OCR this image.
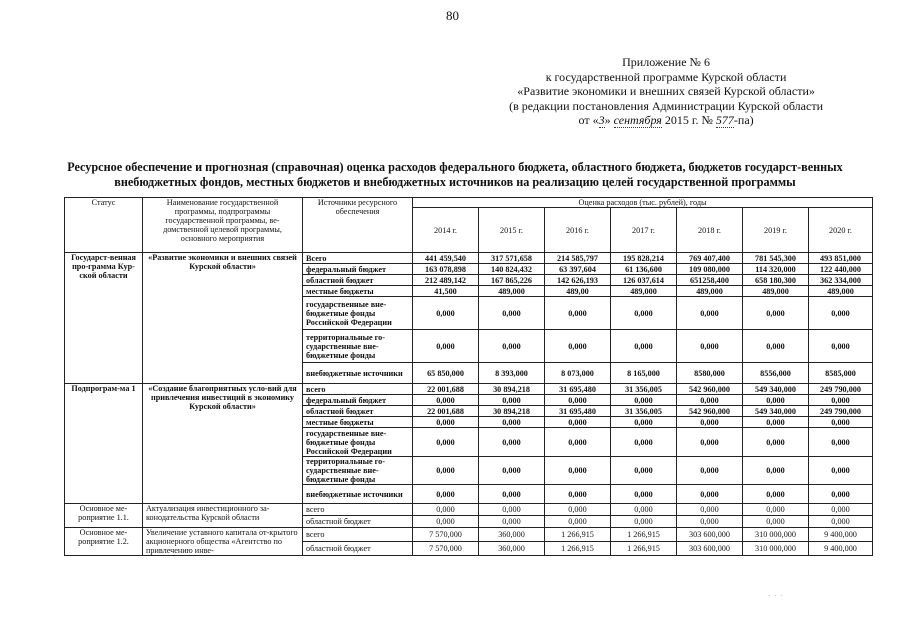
80
Приложение № 6
к государственной программе Курской области
«Развитие экономики и внешних связей Курской области»
(в редакции постановления Администрации Курской области
от «3» сентября 2015 г. № 577-па)
Ресурсное обеспечение и прогнозная (справочная) оценка расходов федерального бюджета, областного бюджета, бюджетов государст-венных внебюджетных фондов, местных бюджетов и внебюджетных источников на реализацию целей государственной программы
Статус	Наименование государственной программы, подпрограммы государственной программы, ве-домственной целевой программы, основного мероприятия	Источники ресурсного обеспечения	Оценка расходов (тыс. рублей), годы						
			2014 г.	2015 г.	2016 г.	2017 г.	2018 г.	2019 г.	2020 г.
Государст-венная про-грамма Кур-ской области	«Развитие экономики и внешних связей Курской области»	Всего	441 459,540	317 571,658	214 585,797	195 828,214	769 407,400	781 545,300	493 851,000
		федеральный бюджет	163 078,898	140 824,432	63 397,604	61 136,600	109 080,000	114 320,000	122 440,000
		областной бюджет	212 489,142	167 865,226	142 626,193	126 037,614	651258,400	658 180,300	362 334,000
		местные бюджеты	41,500	489,000	489,00	489,000	489,000	489,000	489,000
		государственные вне-бюджетные фонды Российской Федерации	0,000	0,000	0,000	0,000	0,000	0,000	0,000
		территориальные го-сударственные вне-бюджетные фонды	0,000	0,000	0,000	0,000	0,000	0,000	0,000
		внебюджетные источники	65 850,000	8 393,000	8 073,000	8 165,000	8580,000	8556,000	8585,000
Подпрограм-ма 1	«Создание благоприятных усло-вий для привлечения инвестиций в экономику Курской области»	всего	22 001,688	30 894,218	31 695,480	31 356,005	542 960,000	549 340,000	249 790,000
		федеральный бюджет	0,000	0,000	0,000	0,000	0,000	0,000	0,000
		областной бюджет	22 001,688	30 894,218	31 695,480	31 356,005	542 960,000	549 340,000	249 790,000
		местные бюджеты	0,000	0,000	0,000	0,000	0,000	0,000	0,000
		государственные вне-бюджетные фонды Российской Федерации	0,000	0,000	0,000	0,000	0,000	0,000	0,000
		территориальные го-сударственные вне-бюджетные фонды	0,000	0,000	0,000	0,000	0,000	0,000	0,000
		внебюджетные источники	0,000	0,000	0,000	0,000	0,000	0,000	0,000
Основное ме-роприятие 1.1.	Актуализация инвестиционного за-конодательства Курской области	всего	0,000	0,000	0,000	0,000	0,000	0,000	0,000
		областной бюджет	0,000	0,000	0,000	0,000	0,000	0,000	0,000
Основное ме-роприятие 1.2.	Увеличение уставного капитала от-крытого акционерного общества «Агентство по привлечению инве-	всего	7 570,000	360,000	1 266,915	1 266,915	303 600,000	310 000,000	9 400,000
		областной бюджет	7 570,000	360,000	1 266,915	1 266,915	303 600,000	310 000,000	9 400,000
· · ·
